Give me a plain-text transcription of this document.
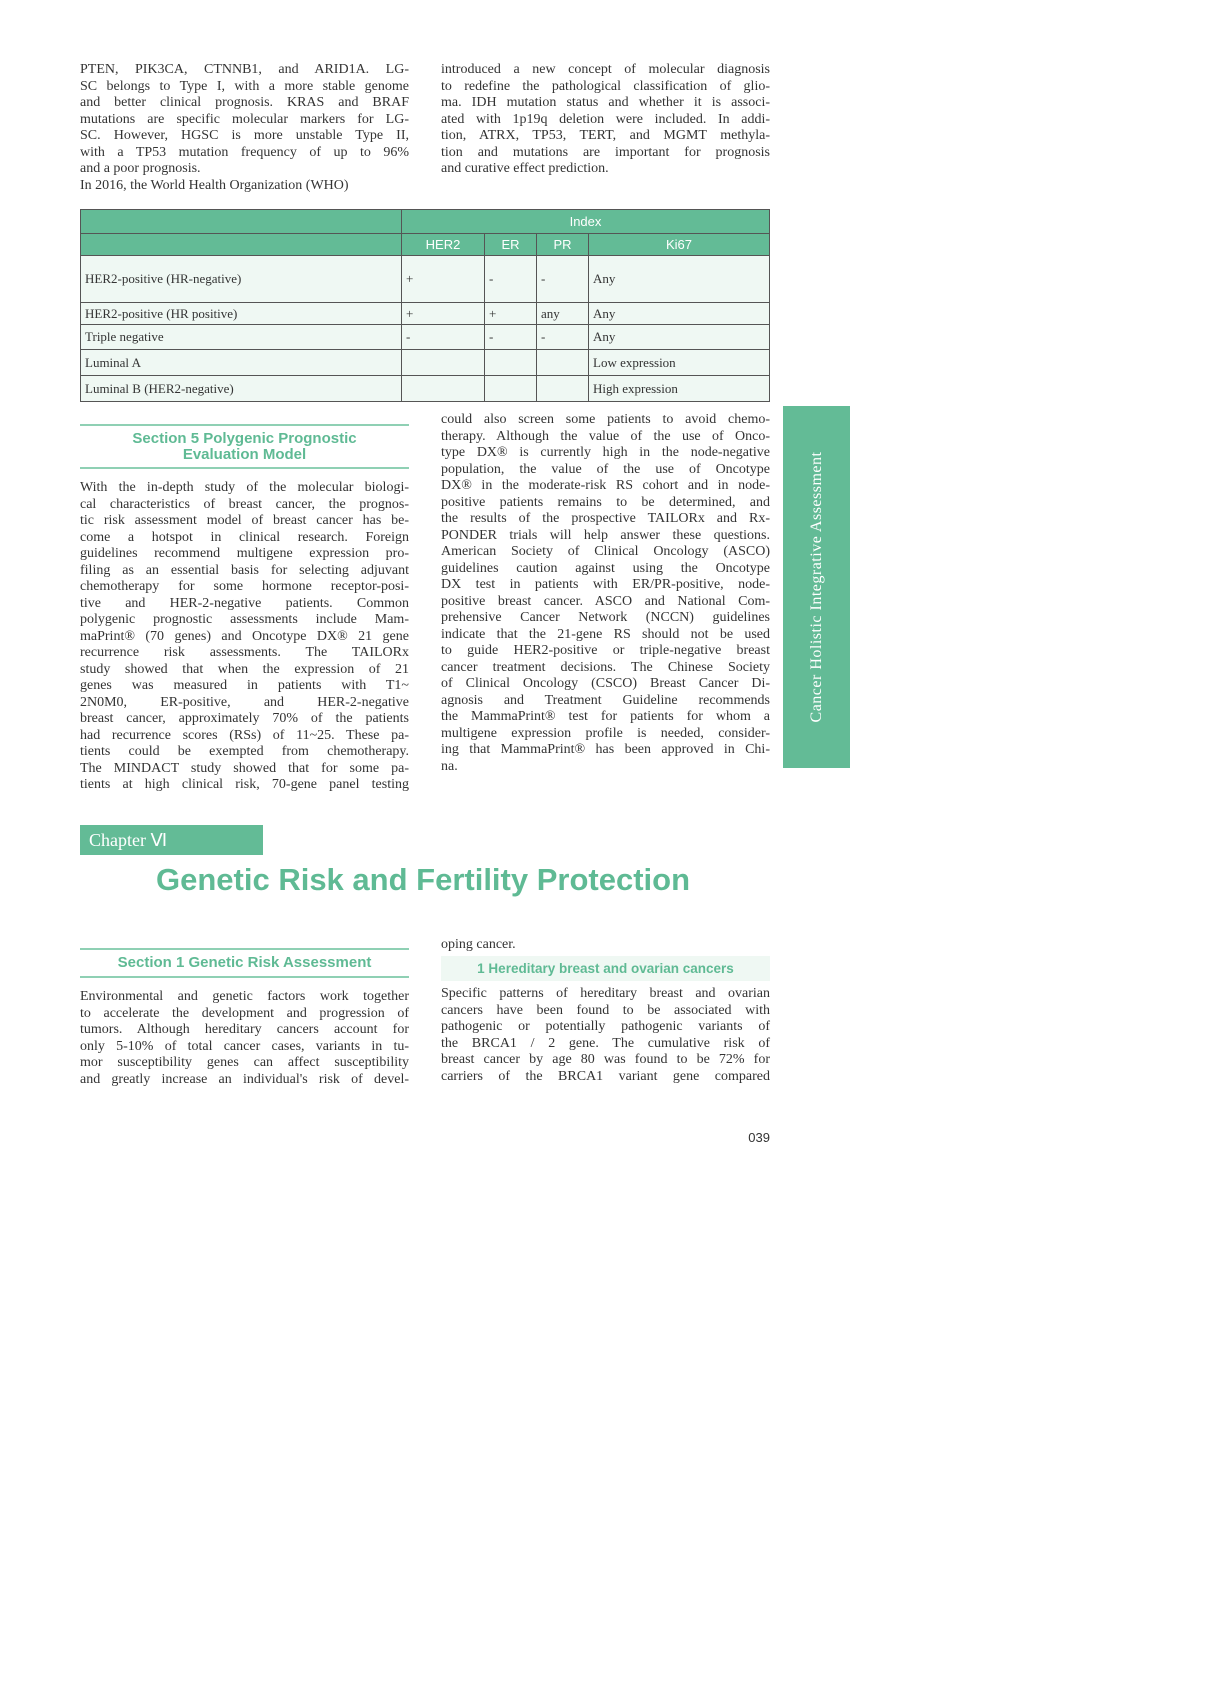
PTEN, PIK3CA, CTNNB1, and ARID1A. LG-
SC belongs to Type I, with a more stable genome
and better clinical prognosis. KRAS and BRAF
mutations are specific molecular markers for LG-
SC. However, HGSC is more unstable Type II,
with a TP53 mutation frequency of up to 96%
and a poor prognosis.
In 2016, the World Health Organization (WHO)
introduced a new concept of molecular diagnosis
to redefine the pathological classification of glio-
ma. IDH mutation status and whether it is associ-
ated with 1p19q deletion were included. In addi-
tion, ATRX, TP53, TERT, and MGMT methyla-
tion and mutations are important for prognosis
and curative effect prediction.
	Index			
	HER2	ER	PR	Ki67
HER2-positive (HR-negative)	+	-	-	Any
HER2-positive (HR positive)	+	+	any	Any
Triple negative	-	-	-	Any
Luminal A				Low expression
Luminal B (HER2-negative)				High expression
Section 5 Polygenic Prognostic
Evaluation Model
With the in-depth study of the molecular biologi-
cal characteristics of breast cancer, the prognos-
tic risk assessment model of breast cancer has be-
come a hotspot in clinical research. Foreign
guidelines recommend multigene expression pro-
filing as an essential basis for selecting adjuvant
chemotherapy for some hormone receptor-posi-
tive and HER-2-negative patients. Common
polygenic prognostic assessments include Mam-
maPrint® (70 genes) and Oncotype DX® 21 gene
recurrence risk assessments. The TAILORx
study showed that when the expression of 21
genes was measured in patients with T1~
2N0M0, ER-positive, and HER-2-negative
breast cancer, approximately 70% of the patients
had recurrence scores (RSs) of 11~25. These pa-
tients could be exempted from chemotherapy.
The MINDACT study showed that for some pa-
tients at high clinical risk, 70-gene panel testing
could also screen some patients to avoid chemo-
therapy. Although the value of the use of Onco-
type DX® is currently high in the node-negative
population, the value of the use of Oncotype
DX® in the moderate-risk RS cohort and in node-
positive patients remains to be determined, and
the results of the prospective TAILORx and Rx-
PONDER trials will help answer these questions.
American Society of Clinical Oncology (ASCO)
guidelines caution against using the Oncotype
DX test in patients with ER/PR-positive, node-
positive breast cancer. ASCO and National Com-
prehensive Cancer Network (NCCN) guidelines
indicate that the 21-gene RS should not be used
to guide HER2-positive or triple-negative breast
cancer treatment decisions. The Chinese Society
of Clinical Oncology (CSCO) Breast Cancer Di-
agnosis and Treatment Guideline recommends
the MammaPrint® test for patients for whom a
multigene expression profile is needed, consider-
ing that MammaPrint® has been approved in Chi-
na.
Cancer Holistic Integrative Assessment
Chapter Ⅵ
Genetic Risk and Fertility Protection
Section 1 Genetic Risk Assessment
Environmental and genetic factors work together
to accelerate the development and progression of
tumors. Although hereditary cancers account for
only 5-10% of total cancer cases, variants in tu-
mor susceptibility genes can affect susceptibility
and greatly increase an individual's risk of devel-
oping cancer.
1 Hereditary breast and ovarian cancers
Specific patterns of hereditary breast and ovarian
cancers have been found to be associated with
pathogenic or potentially pathogenic variants of
the BRCA1 / 2 gene. The cumulative risk of
breast cancer by age 80 was found to be 72% for
carriers of the BRCA1 variant gene compared
039
